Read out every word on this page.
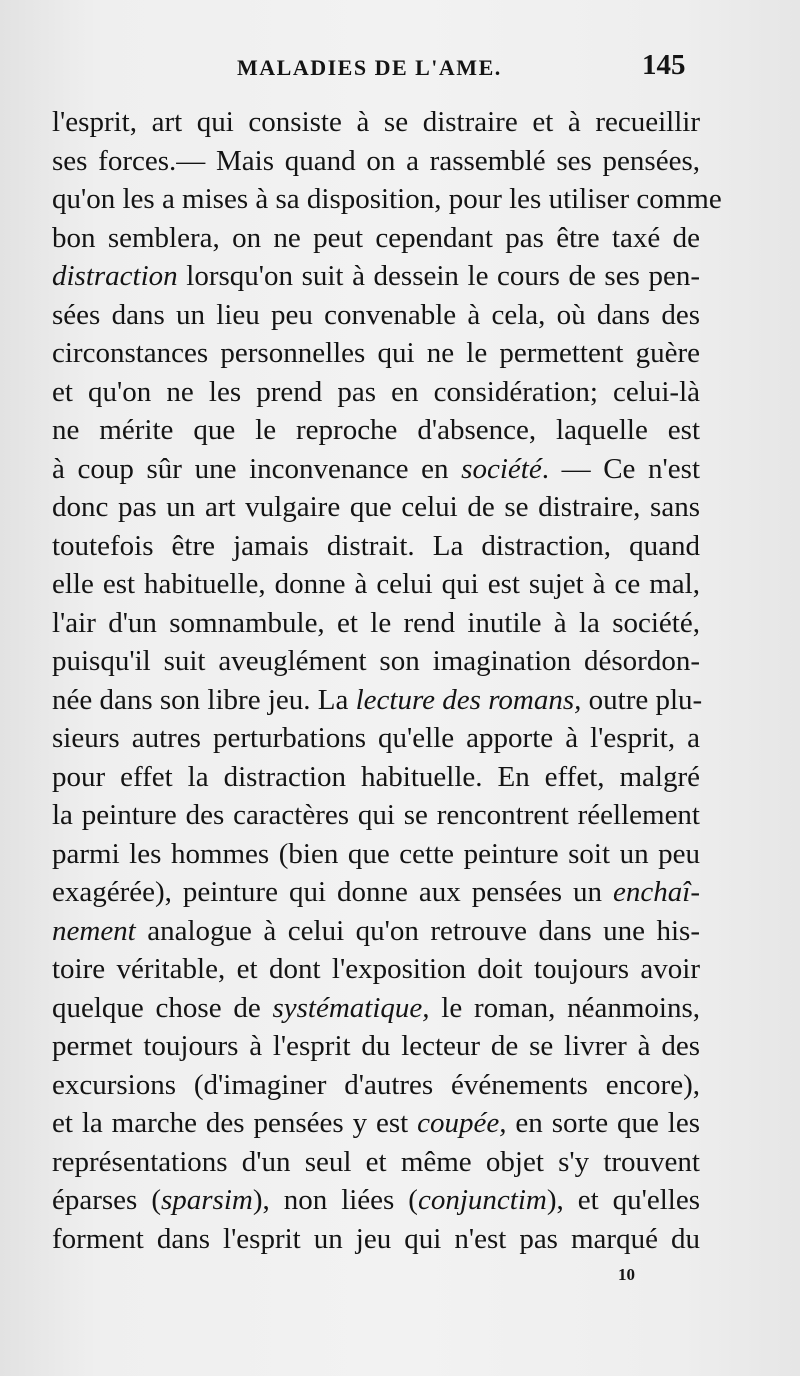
MALADIES DE L'AME.	145
l'esprit, art qui consiste à se distraire et à recueillir
ses forces.— Mais quand on a rassemblé ses pensées,
qu'on les a mises à sa disposition, pour les utiliser comme
bon semblera, on ne peut cependant pas être taxé de
distraction lorsqu'on suit à dessein le cours de ses pen-
sées dans un lieu peu convenable à cela, où dans des
circonstances personnelles qui ne le permettent guère
et qu'on ne les prend pas en considération; celui-là
ne mérite que le reproche d'absence, laquelle est
à coup sûr une inconvenance en société. — Ce n'est
donc pas un art vulgaire que celui de se distraire, sans
toutefois être jamais distrait. La distraction, quand
elle est habituelle, donne à celui qui est sujet à ce mal,
l'air d'un somnambule, et le rend inutile à la société,
puisqu'il suit aveuglément son imagination désordon-
née dans son libre jeu. La lecture des romans, outre plu-
sieurs autres perturbations qu'elle apporte à l'esprit, a
pour effet la distraction habituelle. En effet, malgré
la peinture des caractères qui se rencontrent réellement
parmi les hommes (bien que cette peinture soit un peu
exagérée), peinture qui donne aux pensées un enchaî-
nement analogue à celui qu'on retrouve dans une his-
toire véritable, et dont l'exposition doit toujours avoir
quelque chose de systématique, le roman, néanmoins,
permet toujours à l'esprit du lecteur de se livrer à des
excursions (d'imaginer d'autres événements encore),
et la marche des pensées y est coupée, en sorte que les
représentations d'un seul et même objet s'y trouvent
éparses (sparsim), non liées (conjunctim), et qu'elles
forment dans l'esprit un jeu qui n'est pas marqué du
10
